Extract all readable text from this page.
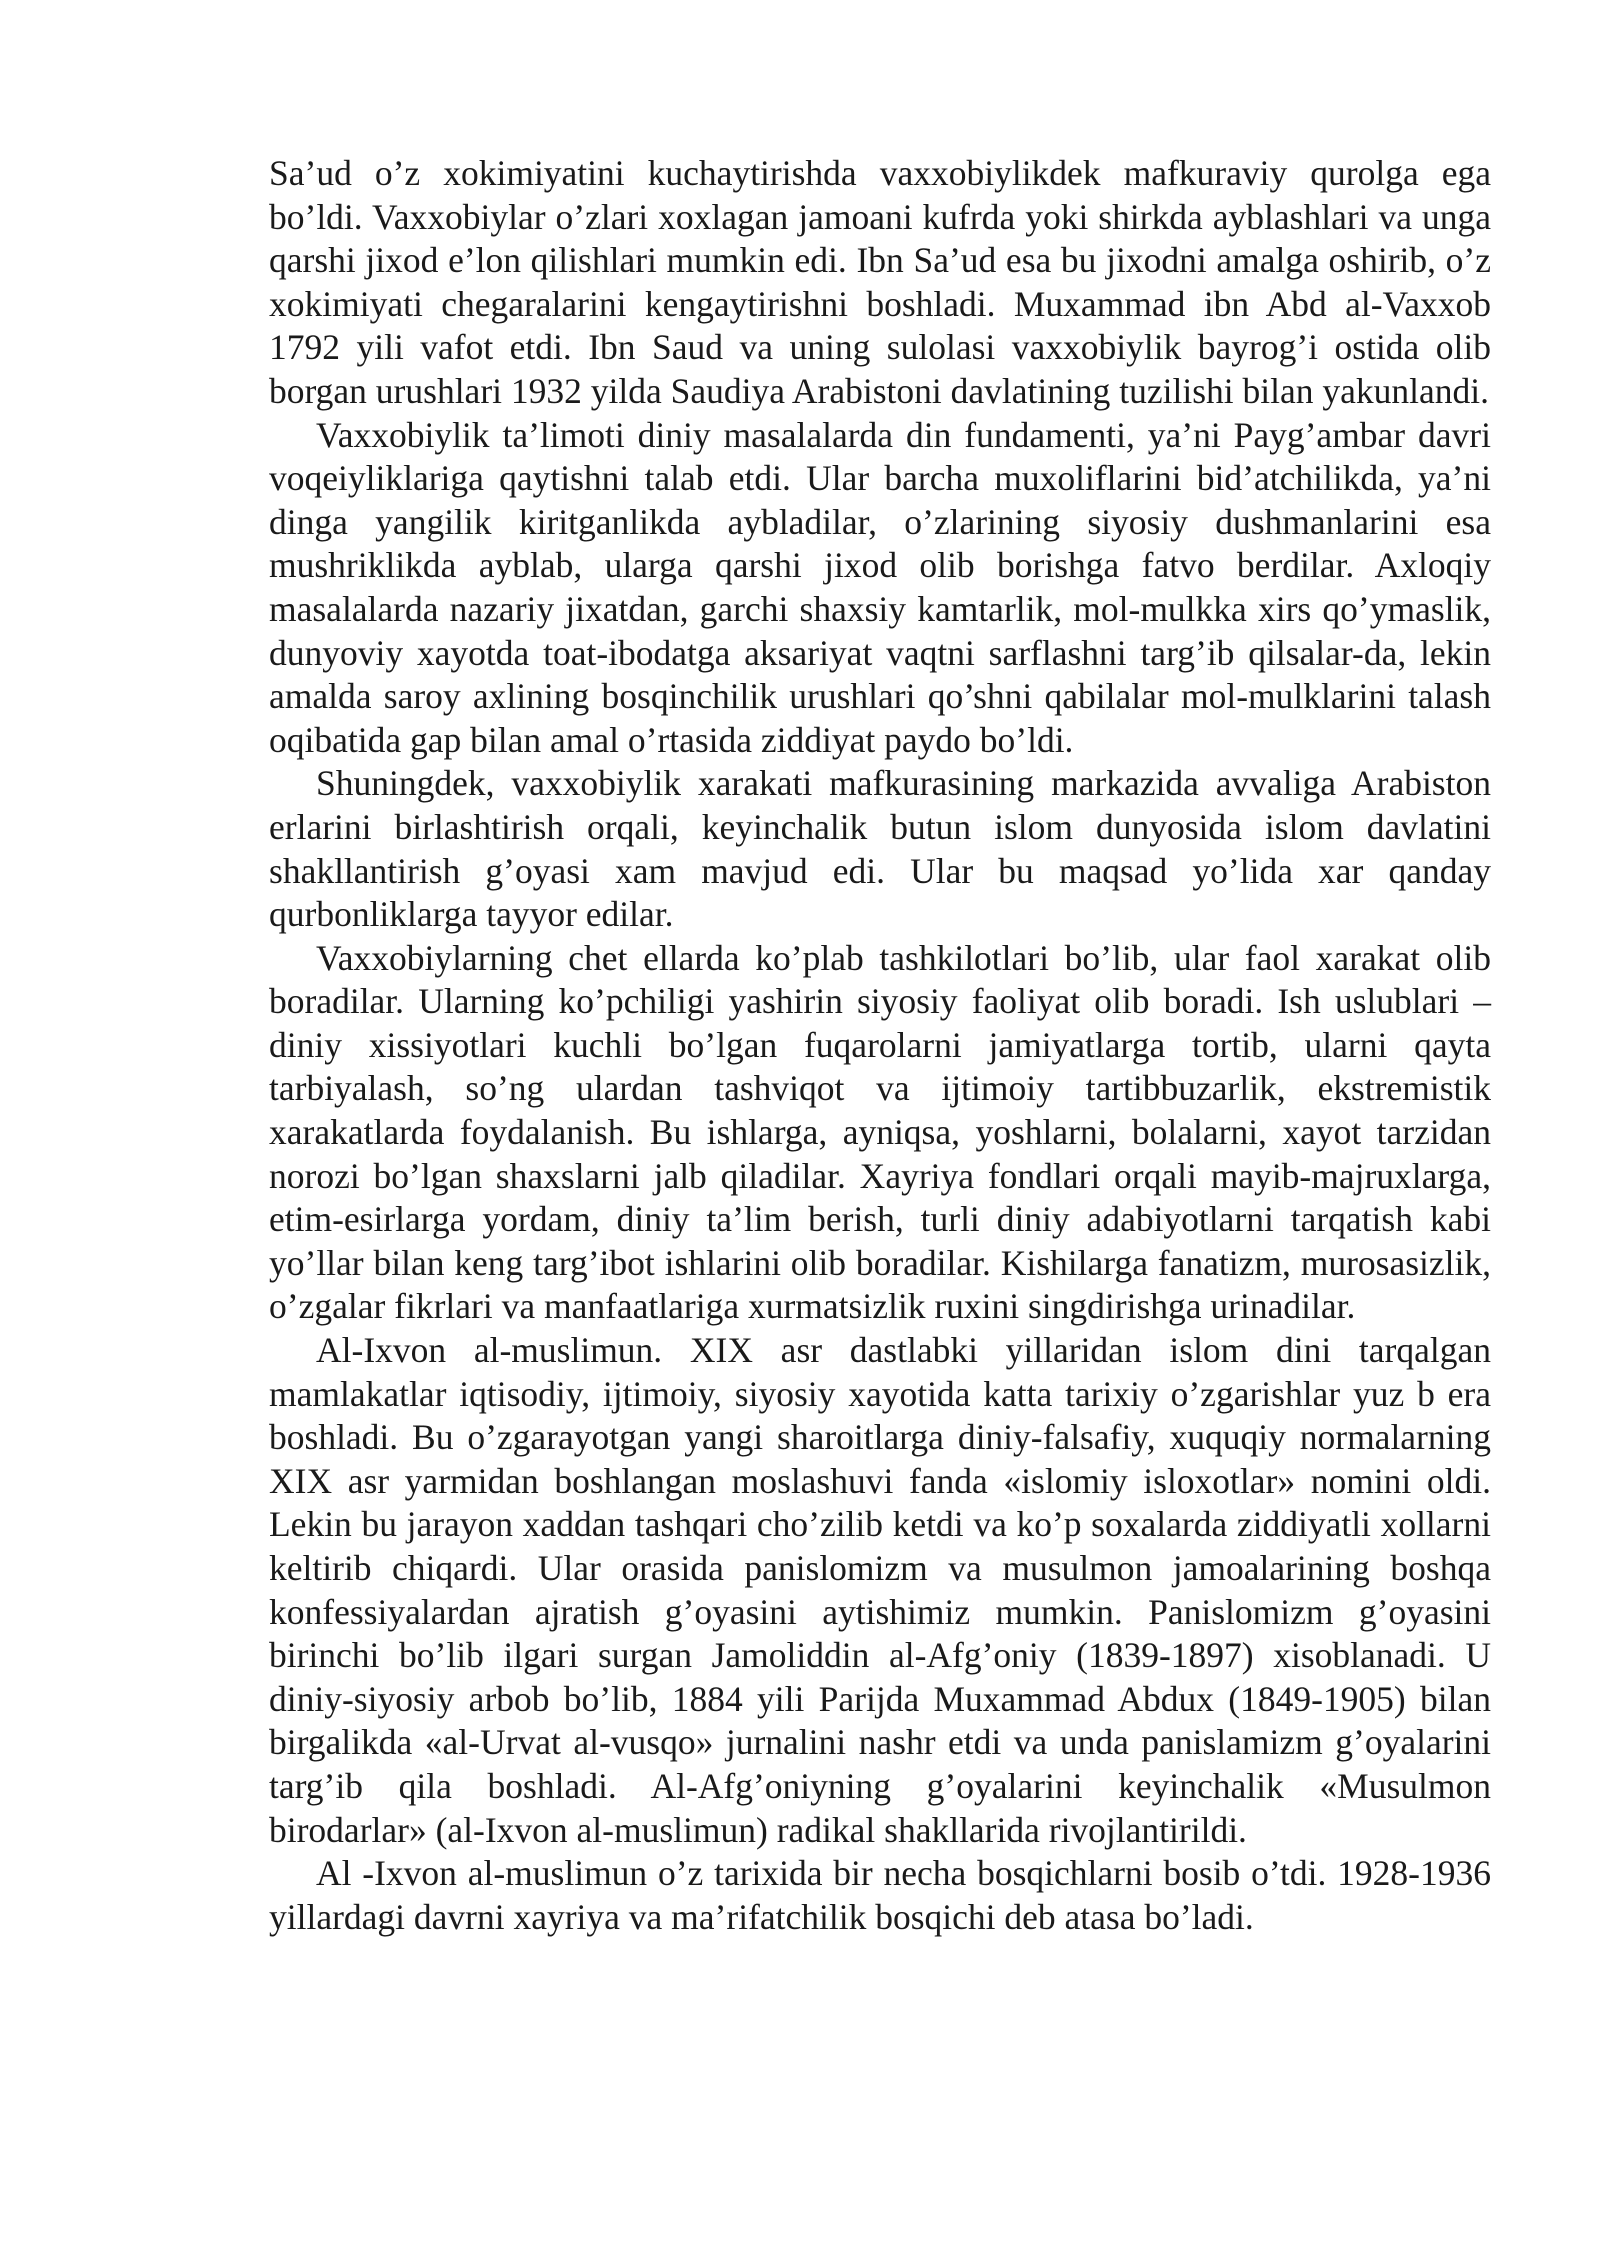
Sa’ud o’z xokimiyatini kuchaytirishda vaxxobiylikdek mafkuraviy qurolga ega bo’ldi. Vaxxobiylar o’zlari xoxlagan jamoani kufrda yoki shirkda ayblashlari va unga qarshi jixod e’lon qilishlari mumkin edi. Ibn Sa’ud esa bu jixodni amalga oshirib, o’z xokimiyati chegaralarini kengaytirishni boshladi. Muxammad ibn Abd al-Vaxxob 1792 yili vafot etdi. Ibn Saud va uning sulolasi vaxxobiylik bayrog’i ostida olib borgan urushlari 1932 yilda Saudiya Arabistoni davlatining tuzilishi bilan yakunlandi.

Vaxxobiylik ta’limoti diniy masalalarda din fundamenti, ya’ni Payg’ambar davri voqeiyliklariga qaytishni talab etdi. Ular barcha muxoliflarini bid’atchilikda, ya’ni dinga yangilik kiritganlikda aybladilar, o’zlarining siyosiy dushmanlarini esa mushriklikda ayblab, ularga qarshi jixod olib borishga fatvo berdilar. Axloqiy masalalarda nazariy jixatdan, garchi shaxsiy kamtarlik, mol-mulkka xirs qo’ymaslik, dunyoviy xayotda toat-ibodatga aksariyat vaqtni sarflashni targ’ib qilsalar-da, lekin amalda saroy axlining bosqinchilik urushlari qo’shni qabilalar mol-mulklarini talash oqibatida gap bilan amal o’rtasida ziddiyat paydo bo’ldi.

Shuningdek, vaxxobiylik xarakati mafkurasining markazida avvaliga Arabiston erlarini birlashtirish orqali, keyinchalik butun islom dunyosida islom davlatini shakllantirish g’oyasi xam mavjud edi. Ular bu maqsad yo’lida xar qanday qurbonliklarga tayyor edilar.

Vaxxobiylarning chet ellarda ko’plab tashkilotlari bo’lib, ular faol xarakat olib boradilar. Ularning ko’pchiligi yashirin siyosiy faoliyat olib boradi. Ish uslublari – diniy xissiyotlari kuchli bo’lgan fuqarolarni jamiyatlarga tortib, ularni qayta tarbiyalash, so’ng ulardan tashviqot va ijtimoiy tartibbuzarlik, ekstremistik xarakatlarda foydalanish. Bu ishlarga, ayniqsa, yoshlarni, bolalarni, xayot tarzidan norozi bo’lgan shaxslarni jalb qiladilar. Xayriya fondlari orqali mayib-majruxlarga, etim-esirlarga yordam, diniy ta’lim berish, turli diniy adabiyotlarni tarqatish kabi yo’llar bilan keng targ’ibot ishlarini olib boradilar. Kishilarga fanatizm, murosasizlik, o’zgalar fikrlari va manfaatlariga xurmatsizlik ruxini singdirishga urinadilar.

Al-Ixvon al-muslimun. XIX asr dastlabki yillaridan islom dini tarqalgan mamlakatlar iqtisodiy, ijtimoiy, siyosiy xayotida katta tarixiy o’zgarishlar yuz b era boshladi. Bu o’zgarayotgan yangi sharoitlarga diniy-falsafiy, xuquqiy normalarning XIX asr yarmidan boshlangan moslashuvi fanda «islomiy isloxotlar» nomini oldi. Lekin bu jarayon xaddan tashqari cho’zilib ketdi va ko’p soxalarda ziddiyatli xollarni keltirib chiqardi. Ular orasida panislomizm va musulmon jamoalarining boshqa konfessiyalardan ajratish g’oyasini aytishimiz mumkin. Panislomizm g’oyasini birinchi bo’lib ilgari surgan Jamoliddin al-Afg’oniy (1839-1897) xisoblanadi. U diniy-siyosiy arbob bo’lib, 1884 yili Parijda Muxammad Abdux (1849-1905) bilan birgalikda «al-Urvat al-vusqo» jurnalini nashr etdi va unda panislamizm g’oyalarini targ’ib qila boshladi. Al-Afg’oniyning g’oyalarini keyinchalik «Musulmon birodarlar» (al-Ixvon al-muslimun) radikal shakllarida rivojlantirildi.

Al -Ixvon al-muslimun o’z tarixida bir necha bosqichlarni bosib o’tdi. 1928-1936 yillardagi davrni xayriya va ma’rifatchilik bosqichi deb atasa bo’ladi.
